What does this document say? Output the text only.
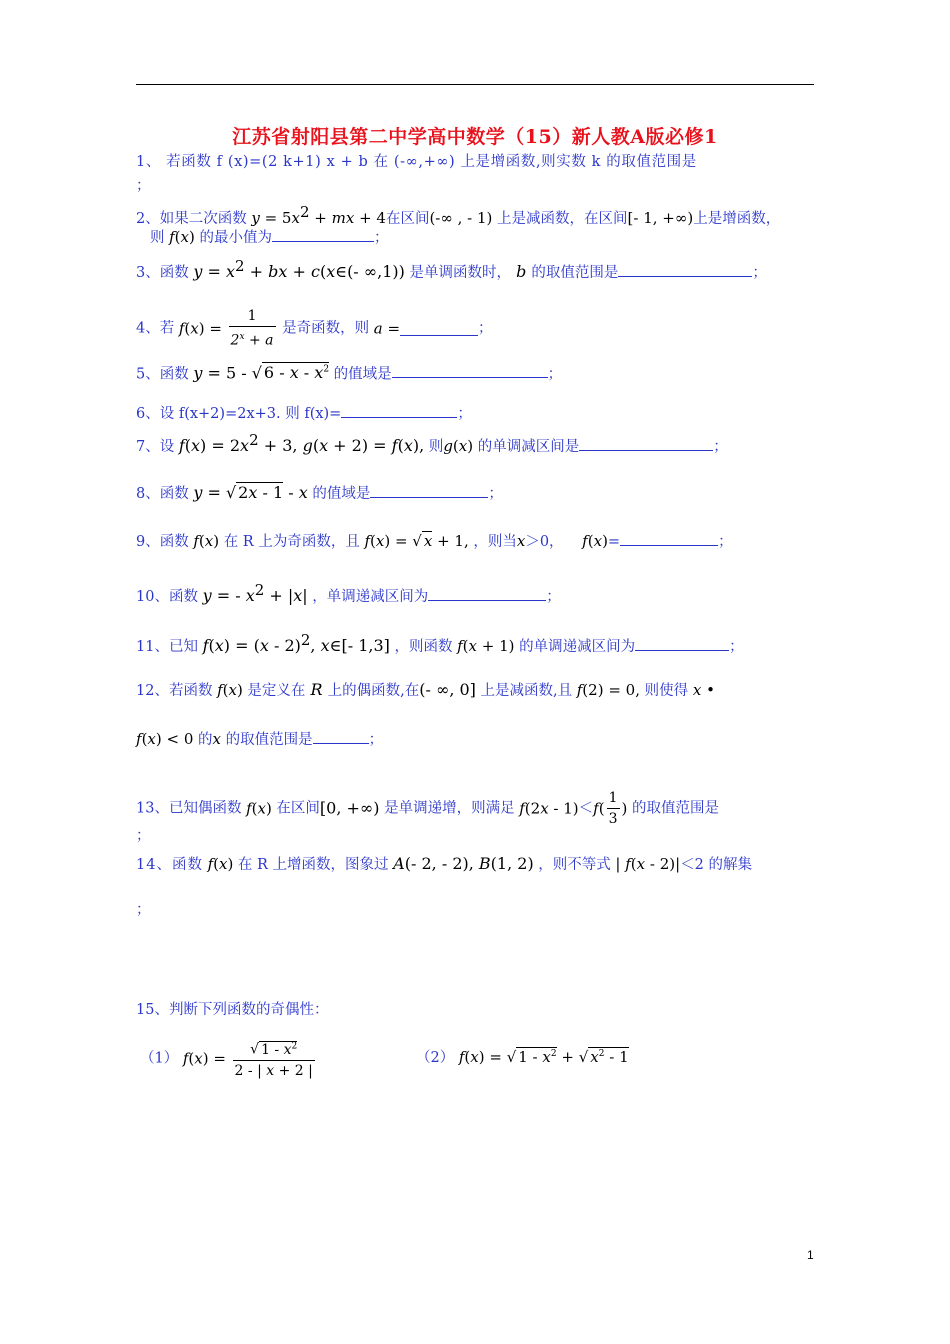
江苏省射阳县第二中学高中数学（15）新人教A版必修1
1、 若函数 f (x)=(2 k+1) x + b 在 (-∞,+∞) 上是增函数,则实数 k 的取值范围是
；
2、如果二次函数 $y = 5x^2$ + mx + 4在区间(-∞ , - 1) 上是减函数，在区间[- 1, +∞)上是增函数，
则 f(x) 的最小值为	；
3、函数 $y = x^2$ + bx + c(x∈(- ∞,1)) 是单调函数时， b 的取值范围是	；
4、若 $f(x) = \frac{1}{2^x + a}$ 是奇函数，则 a =	；
5、函数 y = 5 - √ 6 - x - $x^2$ 的值域是	；
6、设 f(x+2)=2x+3. 则 f(x)=	；
7、设 $f(x) = 2x^2 + 3$, g(x + 2) = f(x), 则g(x) 的单调减区间是	；
8、函数 y = √ 2x - 1 - x 的值域是	；
9、函数 f(x) 在 R 上为奇函数，且 f(x) = √ x + 1, ，则当x＞0， f(x)=	；
10、函数 y = - $x^2 + |x|$ ，单调递减区间为	；
11、已知 f(x) = (x - 2)$^2$, x∈[- 1,3] ，则函数 f(x + 1) 的单调递减区间为	；
12、若函数 f(x) 是定义在 R 上的偶函数,在(- ∞, 0] 上是减函数,且 f(2) = 0, 则使得 x •
f(x) < 0 的x 的取值范围是	；
13、已知偶函数 f(x) 在区间[0, +∞) 是单调递增，则满足 $f(2x - 1)<f( \frac{1}{3}$ ) 的取值范围是
；
14、函数 f(x) 在 R 上增函数，图象过 A(- 2, - 2), B(1, 2) ，则不等式 | f(x - 2)|＜2 的解集
；
15、判断下列函数的奇偶性：
（1） $f(x) = \frac{√ 1 - x^2}{2 - | x + 2 |}$	（2） f(x) = √ $1 - x^2$ + √ $x^2 - 1$
1
